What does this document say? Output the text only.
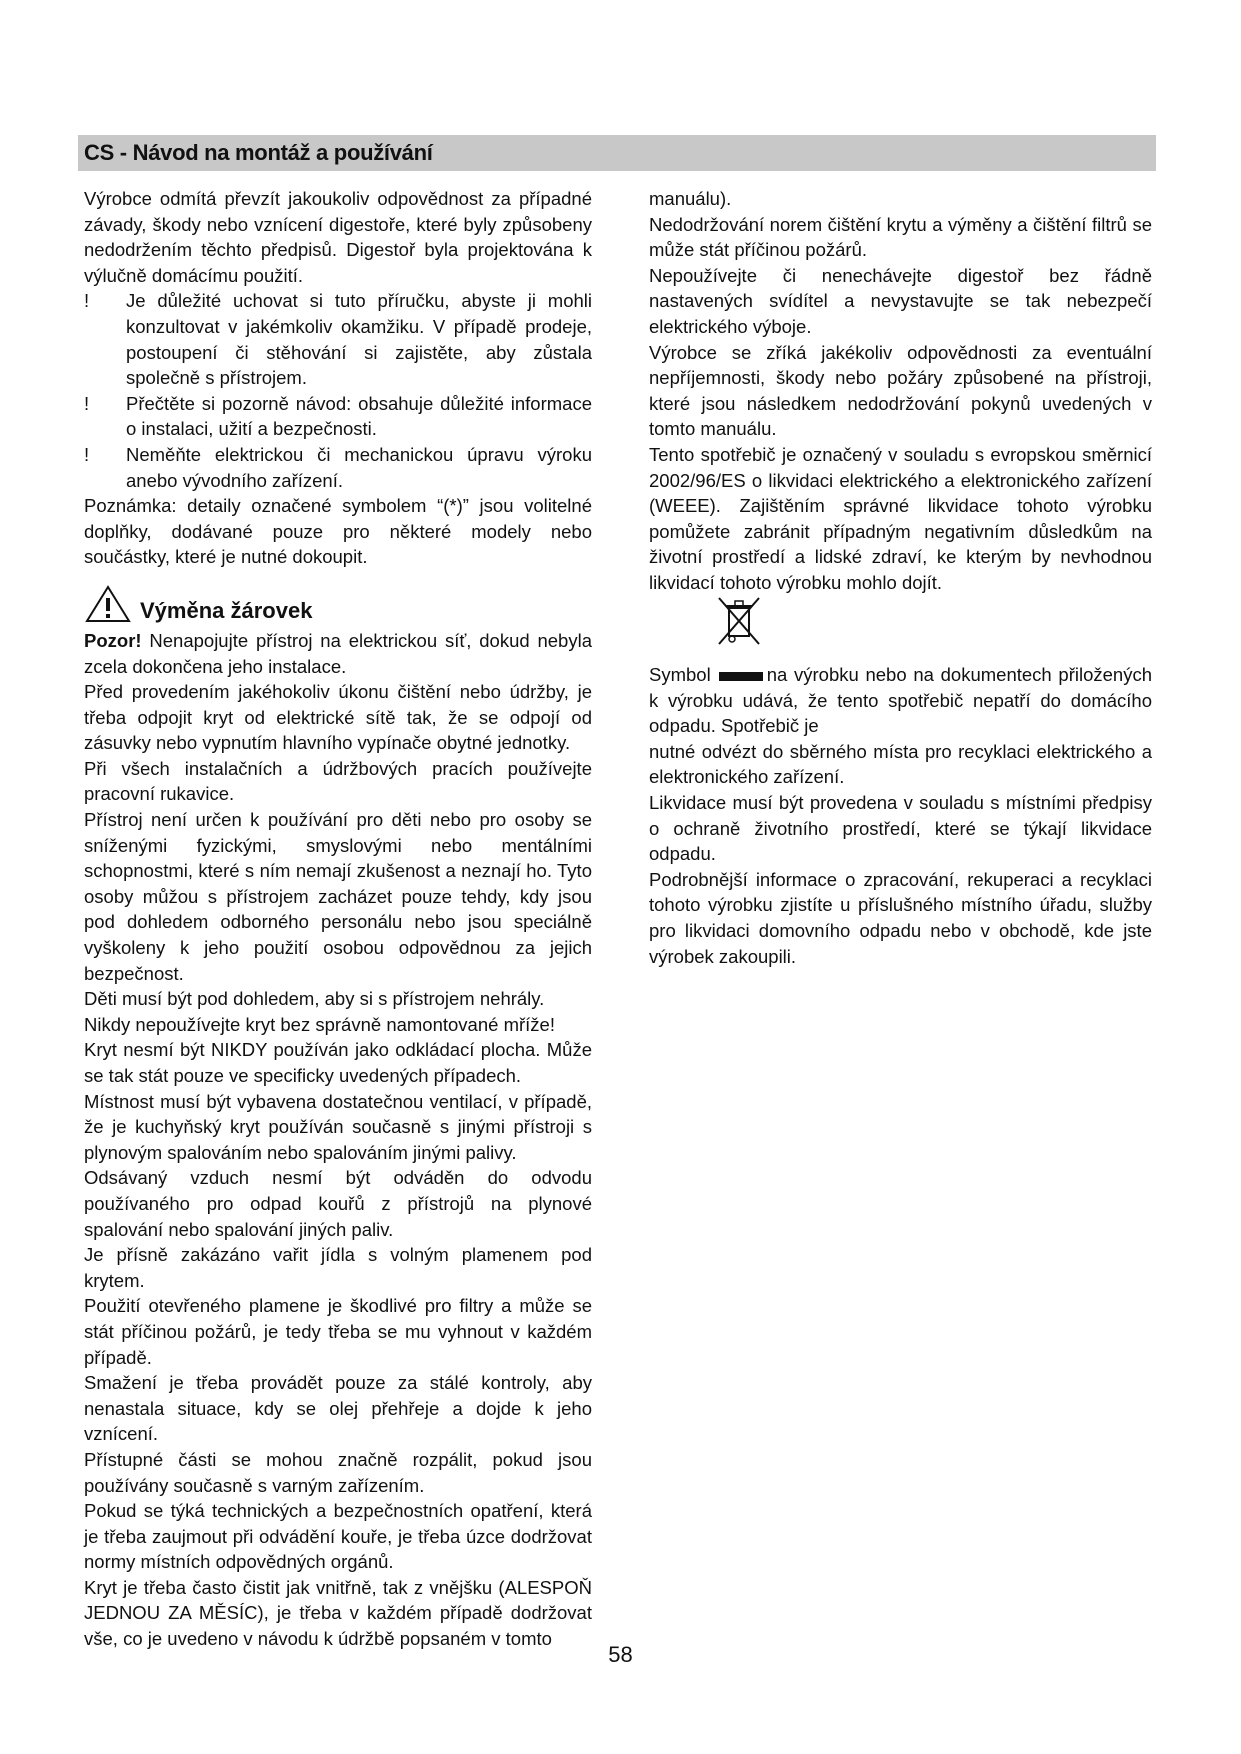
CS - Návod na montáž a používání

Výrobce odmítá převzít jakoukoliv odpovědnost za případné závady, škody nebo vznícení digestoře, které byly způsobeny nedodržením těchto předpisů. Digestoř byla projektována k výlučně domácímu použití.

!	Je důležité uchovat si tuto příručku, abyste ji mohli konzultovat v jakémkoliv okamžiku. V případě prodeje, postoupení či stěhování si zajistěte, aby zůstala společně s přístrojem.
!	Přečtěte si pozorně návod: obsahuje důležité informace o instalaci, užití a bezpečnosti.
!	Neměňte elektrickou či mechanickou úpravu výroku anebo vývodního zařízení.

Poznámka: detaily označené symbolem “(*)” jsou volitelné doplňky, dodávané pouze pro některé modely nebo součástky, které je nutné dokoupit.

Výměna žárovek

Pozor! Nenapojujte přístroj na elektrickou síť, dokud nebyla zcela dokončena jeho instalace.

Před provedením jakéhokoliv úkonu čištění nebo údržby, je třeba odpojit kryt od elektrické sítě tak, že se odpojí od zásuvky nebo vypnutím hlavního vypínače obytné jednotky.

Při všech instalačních a údržbových pracích používejte pracovní rukavice.

Přístroj není určen k používání pro děti nebo pro osoby se sníženými fyzickými, smyslovými nebo mentálními schopnostmi, které s ním nemají zkušenost a neznají ho. Tyto osoby můžou s přístrojem zacházet pouze tehdy, kdy jsou pod dohledem odborného personálu nebo jsou speciálně vyškoleny k jeho použití osobou odpovědnou za jejich bezpečnost.

Děti musí být pod dohledem, aby si s přístrojem nehrály.

Nikdy nepoužívejte kryt bez správně namontované mříže!

Kryt nesmí být NIKDY používán jako odkládací plocha. Může se tak stát pouze ve specificky uvedených případech.

Místnost musí být vybavena dostatečnou ventilací, v případě, že je kuchyňský kryt používán současně s jinými přístroji s plynovým spalováním nebo spalováním jinými palivy.

Odsávaný vzduch nesmí být odváděn do odvodu používaného pro odpad kouřů z přístrojů na plynové spalování nebo spalování jiných paliv.

Je přísně zakázáno vařit jídla s volným plamenem pod krytem.

Použití otevřeného plamene je škodlivé pro filtry a může se stát příčinou požárů, je tedy třeba se mu vyhnout v každém případě.

Smažení je třeba provádět pouze za stálé kontroly, aby nenastala situace, kdy se olej přehřeje a dojde k jeho vznícení.

Přístupné části se mohou značně rozpálit, pokud jsou používány současně s varným zařízením.

Pokud se týká technických a bezpečnostních opatření, která je třeba zaujmout při odvádění kouře, je třeba úzce dodržovat normy místních odpovědných orgánů.

Kryt je třeba často čistit jak vnitřně, tak z vnějšku (ALESPOŇ JEDNOU ZA MĚSÍC), je třeba v každém případě dodržovat vše, co je uvedeno v návodu k údržbě popsaném v tomto

manuálu).

Nedodržování norem čištění krytu a výměny a čištění filtrů se může stát příčinou požárů.

Nepoužívejte či nenechávejte digestoř bez řádně nastavených svídítel a nevystavujte se tak nebezpečí elektrického výboje.

Výrobce se zříká jakékoliv odpovědnosti za eventuální nepříjemnosti, škody nebo požáry způsobené na přístroji, které jsou následkem nedodržování pokynů uvedených v tomto manuálu.

Tento spotřebič je označený v souladu s evropskou směrnicí 2002/96/ES o likvidaci elektrického a elektronického zařízení (WEEE). Zajištěním správné likvidace tohoto výrobku pomůžete zabránit případným negativním důsledkům na životní prostředí a lidské zdraví, ke kterým by nevhodnou likvidací tohoto výrobku mohlo dojít.

Symbol	na výrobku nebo na dokumentech přiložených k výrobku udává, že tento spotřebič nepatří do domácího odpadu. Spotřebič je

nutné odvézt do sběrného místa pro recyklaci elektrického a elektronického zařízení.

Likvidace musí být provedena v souladu s místními předpisy o ochraně životního prostředí, které se týkají likvidace odpadu.

Podrobnější informace o zpracování, rekuperaci a recyklaci tohoto výrobku zjistíte u příslušného místního úřadu, služby pro likvidaci domovního odpadu nebo v obchodě, kde jste výrobek zakoupili.

58
